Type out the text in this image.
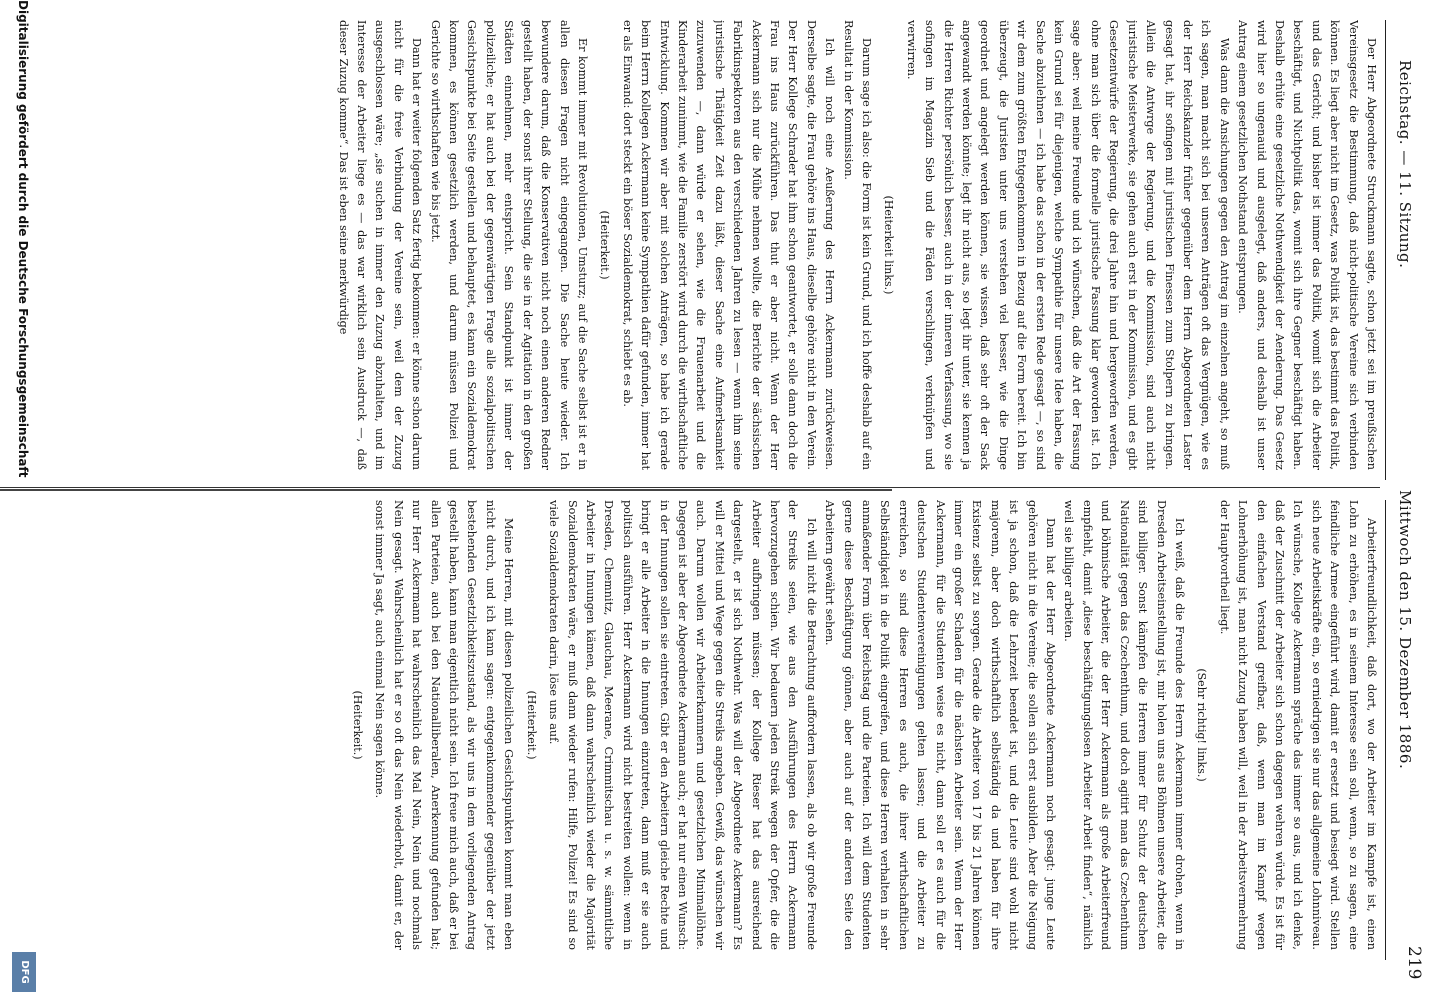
Reichstag. — 11. Sitzung.
Mittwoch den 15. Dezember 1886.
219

Der Herr Abgeordnete Struckmann sagte, schon jetzt sei im preußischen Vereinsgesetz die Bestimmung, daß nicht-politische Vereine sich verbinden können. Es liegt aber nicht im Gesetz, was Politik ist, das bestimmt das Politik, und das Gericht; und bisher ist immer das Politik, womit sich die Arbeiter beschäftigt, und Nichtpolitik das, womit sich ihre Gegner beschäftigt haben. Deshalb erhüte eine gesetzliche Nothwendigkeit der Aenderung. Das Gesetz wird hier so ungenauid und ausgelegt, daß anders, und deshalb ist unser Antrag einem gesetzlichen Nothstand entsprungen.

Was dann die Ansichungen gegen den Antrag im einzelnen angeht, so muß ich sagen, man macht sich bei unseren Anträgen oft das Vergnügen, wie es der Herr Reichskanzler früher gegenüber dem Herrn Abgeordneten Laster gesagt hat, ihr sofingen mit juristischen Finessen zum Stolpern zu bringen. Allein die Antwrge der Regierung, und die Kommission, sind auch nicht juristische Meisterwerke, sie gehen auch erst in der Kommission, und es gibt Gesetzentwürfe der Regierung, die drei Jahre hin und hergeworfen werden, ohne man sich über die formelle juristische Fassung klar geworden ist. Ich sage aber: weil meine Freunde und ich wünschen, daß die Art der Fassung kein Grund sei für diejenigen, welche Sympathie für unsere Idee haben, die Sache abzulehnen — ich habe das schon in der ersten Rede gesagt —, so sind wir dem zum größten Entgegenkommen in Bezug auf die Form bereit. Ich bin überzeugt, die Juristen unter uns verstehen viel besser, wie die Dinge geordnet und angelegt werden können, sie wissen, daß sehr oft der Sack angewandt werden könnte; legt ihr nicht aus, so legt ihr unter, sie kennen ja die Herren Richter persönlich besser, auch in der inneren Verfassung, wo sie sofingen im Magazin Sieb und die Fäden verschlingen, verknüpfen und verwirren.

(Heiterkeit links.)

Darum sage ich also: die Form ist kein Grund, und ich hoffe deshalb auf ein Resultat in der Kommission.

Ich will noch eine Aeußerung des Herrn Ackermann zurückweisen. Derselbe sagte, die Frau gehöre ins Haus, dieselbe gehöre nicht in den Verein. Der Herr Kollege Schrader hat ihm schon geantwortet, er solle dann doch die Frau ins Haus zurückführen. Das thut er aber nicht. Wenn der Herr Ackermann sich nur die Mühe nehmen wollte, die Berichte der sächsischen Fabrikinspektoren aus den verschiedenen Jahren zu lesen — wenn ihm seine juristische Thätigkeit Zeit dazu läßt, dieser Sache eine Aufmerksamkeit zuzuwenden —, dann würde er sehen, wie die Frauenarbeit und die Kinderarbeit zunimmt, wie die Familie zerstört wird durch die wirthschaftliche Entwicklung. Kommen wir aber mit solchen Anträgen, so habe ich gerade beim Herrn Kollegen Ackermann keine Sympathien dafür gefunden, immer hat er als Einwand: dort steckt ein böser Sozialdemokrat, schiebt es ab.

(Heiterkeit.)

Er kommt immer mit Revolutionen, Umsturz; auf die Sache selbst ist er in allen diesen Fragen nicht eingegangen. Die Sache heute wieder. Ich bewundere darum, daß die Konservativen nicht noch einen anderen Redner gestellt haben, der sonst ihrer Stellung, die sie in der Agitation in den großen Städten einnehmen, mehr entspricht. Sein Standpunkt ist immer der polizeiliche; er hat auch bei der gegenwärtigen Frage alle sozialpolitischen Gesichtspunkte bei Seite gestellen und behauptet, es kann ein Sozialdemokrat kommen, es können gesetzlich werden, und darum müssen Polizei und Gerichte so wirthschaften wie bis jetzt.

Dann hat er weiter folgenden Satz fertig bekommen: er könne schon darum nicht für die freie Verbindung der Vereine sein, weil dem der Zuzug ausgeschlossen wäre; „sie suchen in immer den Zuzug abzuhalten, und im Interesse der Arbeiter liege es — das war wirklich sein Ausdruck —, daß dieser Zuzug komme“. Das ist eben seine merkwürdige

Arbeiterfreundlichkeit, daß dort, wo der Arbeiter im Kampfe ist, einen Lohn zu erhöhen, es in seinem Interesse sein soll, wenn, so zu sagen, eine feindliche Armee eingeführt wird, damit er ersetzt und besiegt wird. Stellen sich neue Arbeitskräfte ein, so erniedrigen sie nur das allgemeine Lohnniveau. Ich wünsche, Kollege Ackermann spräche das immer so aus, und ich denke, daß der Zuschnitt der Arbeiter sich schon dagegen wehren würde. Es ist für den einfachen Verstand greifbar, daß, wenn man im Kampf wegen Lohnerhöhung ist, man nicht Zuzug haben will, weil in der Arbeitsvermehrung der Hauptvortheil liegt.

(Sehr richtig! links.)

Ich weiß, daß die Freunde des Herrn Ackermann immer drohen, wenn in Dresden Arbeitseinstellung ist, mir holen uns aus Böhmen unsere Arbeiter, die sind billiger. Sonst kämpfen die Herren immer für Schutz der deutschen Nationalität gegen das Czechenthum, und doch agitirt man das Czechenthum und böhmische Arbeiter, die der Herr Ackermann als große Arbeiterfreund empfiehlt, damit „diese beschäftigungslosen Arbeiter Arbeit finden“, nämlich weil sie billiger arbeiten.

Dann hat der Herr Abgeordnete Ackermann noch gesagt: junge Leute gehören nicht in die Vereine; die sollen sich erst ausbilden. Aber die Neigung ist ja schon, daß die Lehrzeit beendet ist, und die Leute sind wohl nicht majorenn, aber doch wirthschaftlich selbständig da und haben für ihre Existenz selbst zu sorgen. Gerade die Arbeiter von 17 bis 21 Jahren können immer ein großer Schaden für die nächsten Arbeiter sein. Wenn der Herr Ackermann, für die Studenten weise es nicht, dann soll er es auch für die deutschen Studentenvereinigungen gelten lassen; und die Arbeiter zu erreichen, so sind diese Herren es auch, die ihrer wirthschaftlichen Selbständigkeit in die Politik eingreifen, und diese Herren verhalten in sehr anmaßender Form über Reichstag und die Parteien. Ich will dem Studenten gerne diese Beschäftigung gönnen, aber auch auf der anderen Seite den Arbeitern gewährt sehen.

Ich will nicht die Betrachtung auffordern lassen, als ob wir große Freunde der Streiks seien, wie aus den Ausführungen des Herrn Ackermann hervorzugehen schien. Wir bedauern jeden Streik wegen der Opfer, die die Arbeiter aufbringen müssen; der Kollege Rieser hat das ausreichend dargestellt, er ist sich Nothwehr. Was will der Abgeordnete Ackermann? Es will er Mittel und Wege gegen die Streiks angeben. Gewiß, das wünschen wir auch. Darum wollen wir Arbeiterkammern und gesetzlichen Minimallöhne. Dagegen ist aber der Abgeordnete Ackermann auch; er hat nur einen Wunsch: in der Innungen sollen sie eintreten. Gibt er den Arbeitern gleiche Rechte und bringt er alle Arbeiter in die Innungen einzutreten, dann muß er sie auch politisch ausführen. Herr Ackermann wird nicht bestreiten wollen: wenn in Dresden, Chemnitz, Glauchau, Meerane, Crimmitschau u. s. w. sämmtliche Arbeiter in Innungen kämen, daß dann wahrscheinlich wieder die Majorität Sozialdemokraten wäre, er muß dann wieder rufen: Hilfe, Polizei! Es sind so viele Sozialdemokraten darin, löse uns auf.

(Heiterkeit.)

Meine Herren, mit diesen polizeilichen Gesichtspunkten kommt man eben nicht durch, und ich kann sagen: entgegenkommender gegenüber der jetzt bestehenden Gesetzlichkeitszustand, als wir uns in dem vorliegenden Antrag gestellt haben, kann man eigentlich nicht sein. Ich freue mich auch, daß er bei allen Parteien, auch bei den Nationalliberalen, Anerkennung gefunden hat; nur Herr Ackermann hat wahrscheinlich das Mal Nein, Nein und nochmals Nein gesagt. Wahrscheinlich hat er so oft das Nein wiederholt, damit er, der sonst immer Ja sagt, auch einmal Nein sagen könne.

(Heiterkeit.)

Digitalisierung gefördert durch die Deutsche Forschungsgemeinschaft
DFG
